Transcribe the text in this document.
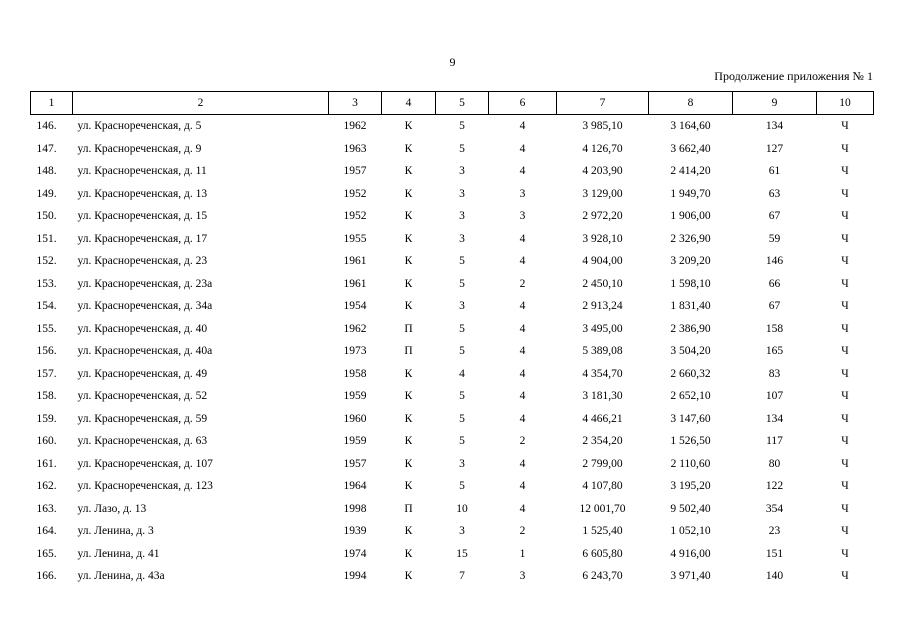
9
Продолжение приложения № 1
1	2	3	4	5	6	7	8	9	10
146.	ул. Краснореченская, д. 5	1962	К	5	4	3 985,10	3 164,60	134	Ч
147.	ул. Краснореченская, д. 9	1963	К	5	4	4 126,70	3 662,40	127	Ч
148.	ул. Краснореченская, д. 11	1957	К	3	4	4 203,90	2 414,20	61	Ч
149.	ул. Краснореченская, д. 13	1952	К	3	3	3 129,00	1 949,70	63	Ч
150.	ул. Краснореченская, д. 15	1952	К	3	3	2 972,20	1 906,00	67	Ч
151.	ул. Краснореченская, д. 17	1955	К	3	4	3 928,10	2 326,90	59	Ч
152.	ул. Краснореченская, д. 23	1961	К	5	4	4 904,00	3 209,20	146	Ч
153.	ул. Краснореченская, д. 23а	1961	К	5	2	2 450,10	1 598,10	66	Ч
154.	ул. Краснореченская, д. 34а	1954	К	3	4	2 913,24	1 831,40	67	Ч
155.	ул. Краснореченская, д. 40	1962	П	5	4	3 495,00	2 386,90	158	Ч
156.	ул. Краснореченская, д. 40а	1973	П	5	4	5 389,08	3 504,20	165	Ч
157.	ул. Краснореченская, д. 49	1958	К	4	4	4 354,70	2 660,32	83	Ч
158.	ул. Краснореченская, д. 52	1959	К	5	4	3 181,30	2 652,10	107	Ч
159.	ул. Краснореченская, д. 59	1960	К	5	4	4 466,21	3 147,60	134	Ч
160.	ул. Краснореченская, д. 63	1959	К	5	2	2 354,20	1 526,50	117	Ч
161.	ул. Краснореченская, д. 107	1957	К	3	4	2 799,00	2 110,60	80	Ч
162.	ул. Краснореченская, д. 123	1964	К	5	4	4 107,80	3 195,20	122	Ч
163.	ул. Лазо, д. 13	1998	П	10	4	12 001,70	9 502,40	354	Ч
164.	ул. Ленина, д. 3	1939	К	3	2	1 525,40	1 052,10	23	Ч
165.	ул. Ленина, д. 41	1974	К	15	1	6 605,80	4 916,00	151	Ч
166.	ул. Ленина, д. 43а	1994	К	7	3	6 243,70	3 971,40	140	Ч
